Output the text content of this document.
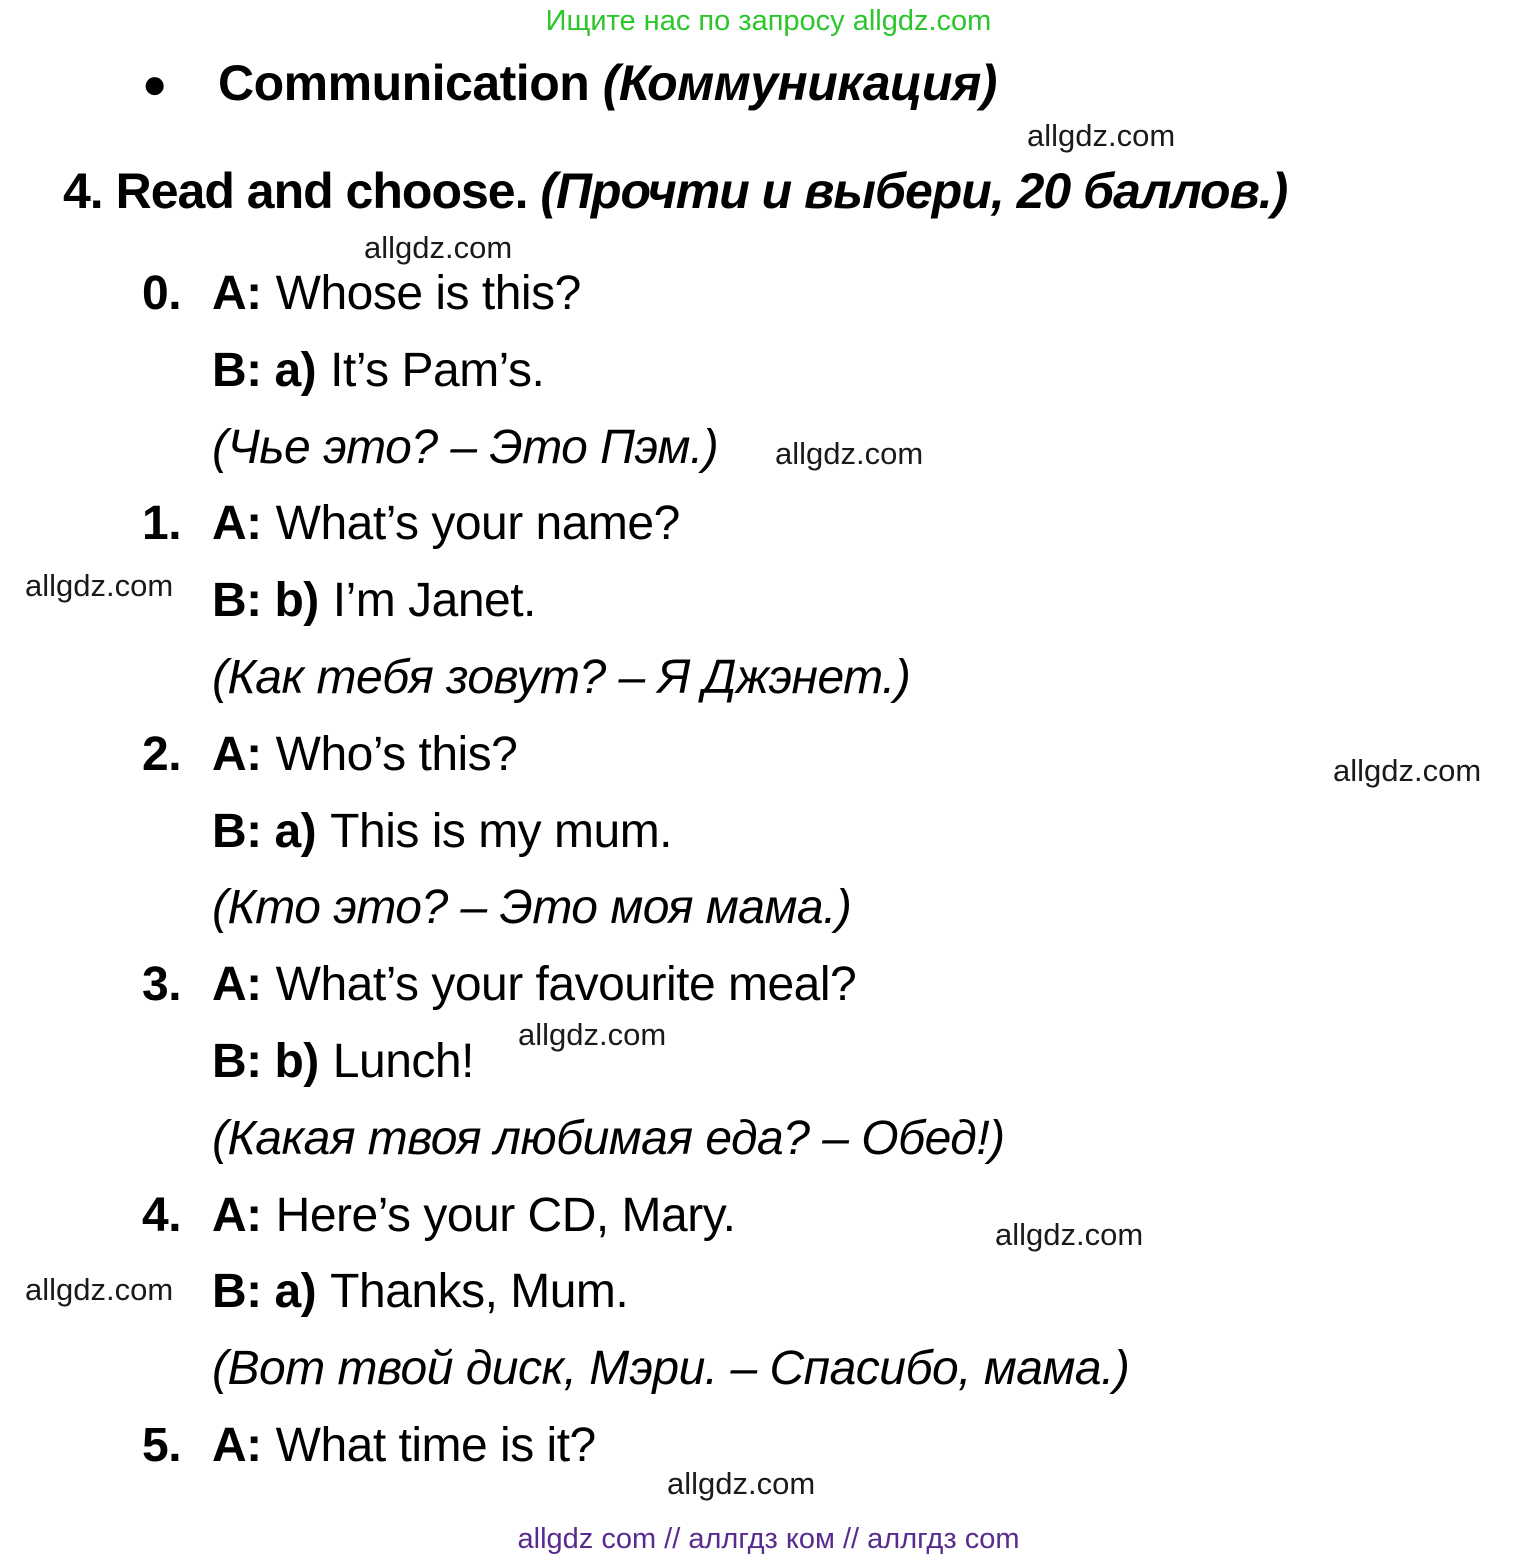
Ищите нас по запросу allgdz.com
● Communication (Коммуникация)
4. Read and choose. (Прочти и выбери, 20 баллов.)
0. A: Whose is this?
B: a) It’s Pam’s.
(Чье это? – Это Пэм.)
1. A: What’s your name?
B: b) I’m Janet.
(Как тебя зовут? – Я Джэнет.)
2. A: Who’s this?
B: a) This is my mum.
(Кто это? – Это моя мама.)
3. A: What’s your favourite meal?
B: b) Lunch!
(Какая твоя любимая еда? – Обед!)
4. A: Here’s your CD, Mary.
B: a) Thanks, Mum.
(Вот твой диск, Мэри. – Спасибо, мама.)
5. A: What time is it?
allgdz.com
allgdz.com
allgdz.com
allgdz.com
allgdz.com
allgdz.com
allgdz.com
allgdz.com
allgdz.com
allgdz com // аллгдз ком // аллгдз com
